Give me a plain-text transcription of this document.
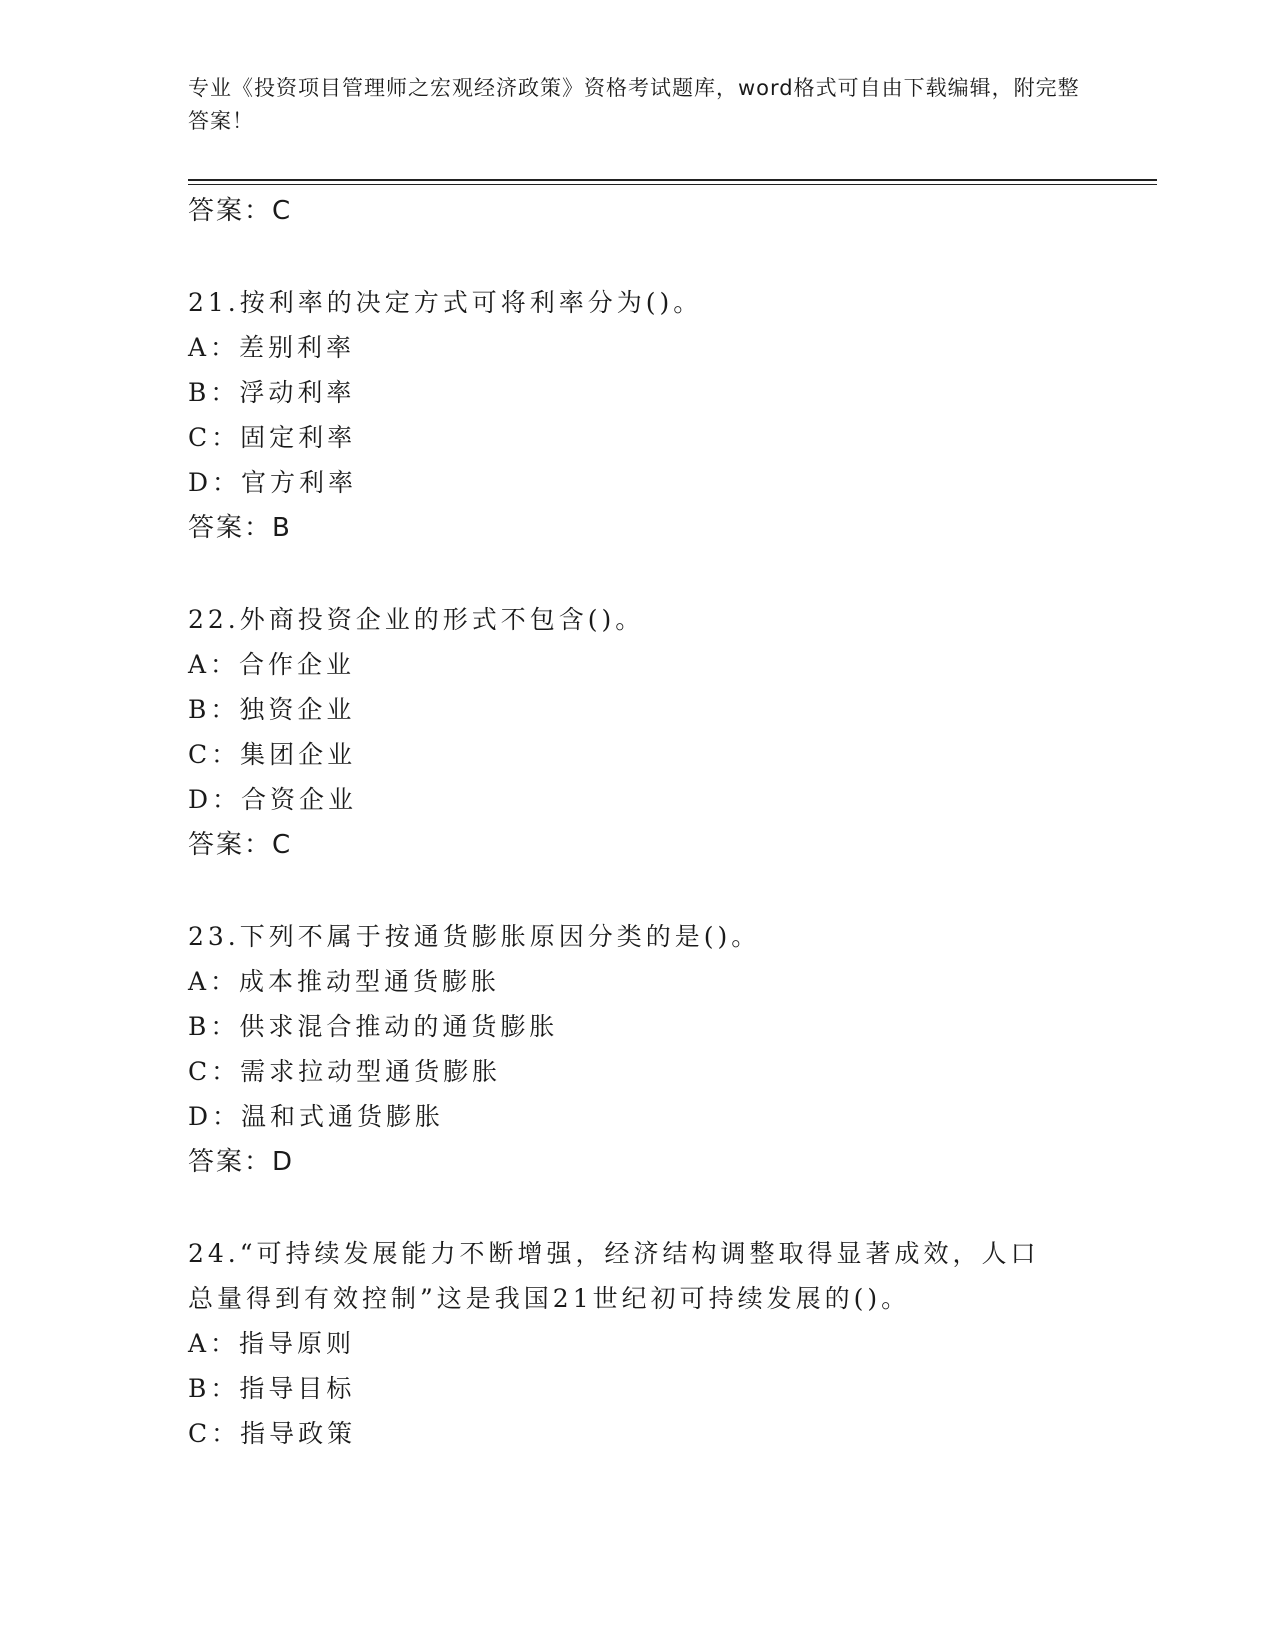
专业《投资项目管理师之宏观经济政策》资格考试题库，word格式可自由下载编辑，附完整答案！
答案：C
21.按利率的决定方式可将利率分为()。
A：差别利率
B：浮动利率
C：固定利率
D：官方利率
答案：B
22.外商投资企业的形式不包含()。
A：合作企业
B：独资企业
C：集团企业
D：合资企业
答案：C
23.下列不属于按通货膨胀原因分类的是()。
A：成本推动型通货膨胀
B：供求混合推动的通货膨胀
C：需求拉动型通货膨胀
D：温和式通货膨胀
答案：D
24.“可持续发展能力不断增强，经济结构调整取得显著成效，人口总量得到有效控制”这是我国21世纪初可持续发展的()。
A：指导原则
B：指导目标
C：指导政策
